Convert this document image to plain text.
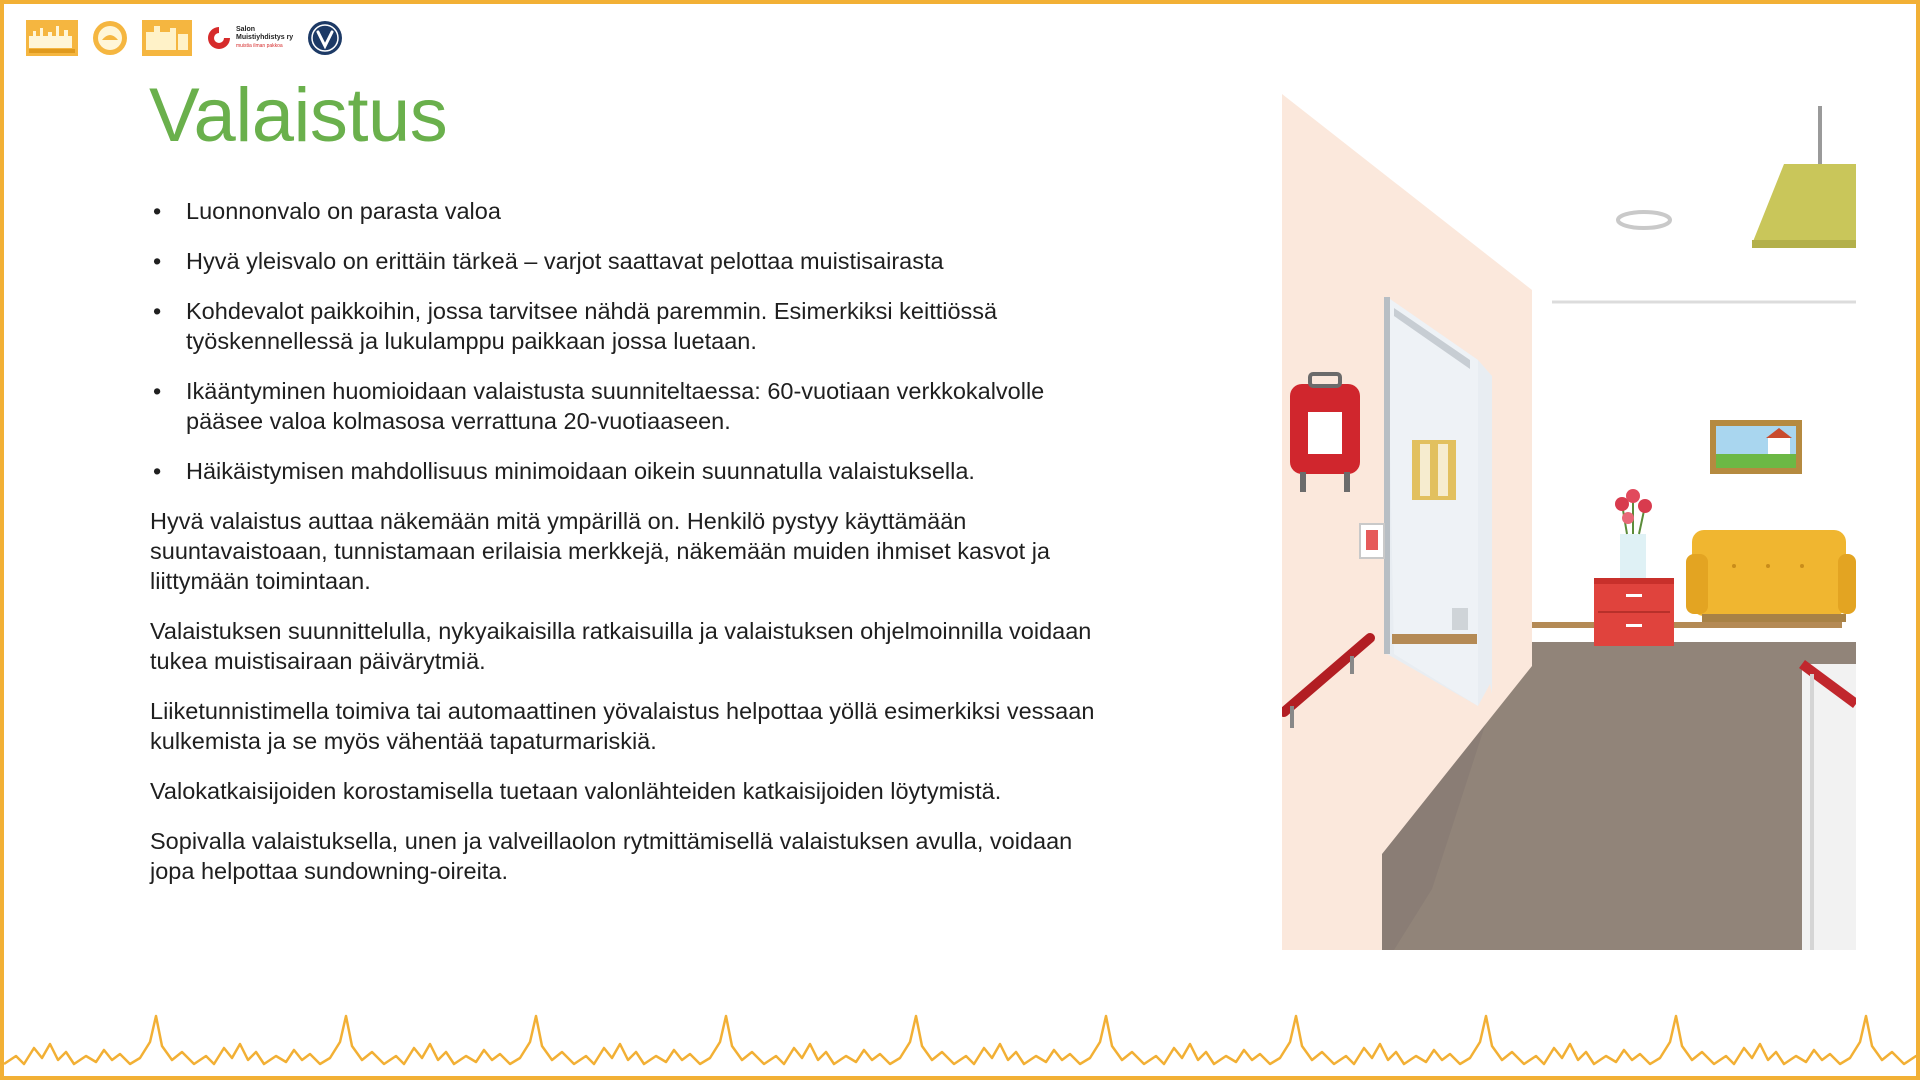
Salon
Muistiyhdistys ry
muistia ilman pakkoa
Valaistus
• Luonnonvalo on parasta valoa
• Hyvä yleisvalo on erittäin tärkeä – varjot saattavat pelottaa muistisairasta
• Kohdevalot paikkoihin, jossa tarvitsee nähdä paremmin. Esimerkiksi keittiössä työskennellessä ja lukulamppu paikkaan jossa luetaan.
• Ikääntyminen huomioidaan valaistusta suunniteltaessa: 60-vuotiaan verkkokalvolle pääsee valoa kolmasosa verrattuna 20-vuotiaaseen.
• Häikäistymisen mahdollisuus minimoidaan oikein suunnatulla valaistuksella.

Hyvä valaistus auttaa näkemään mitä ympärillä on. Henkilö pystyy käyttämään suuntavaistoaan, tunnistamaan erilaisia merkkejä, näkemään muiden ihmiset kasvot ja liittymään toimintaan.

Valaistuksen suunnittelulla, nykyaikaisilla ratkaisuilla ja valaistuksen ohjelmoinnilla voidaan tukea muistisairaan päivärytmiä.

Liiketunnistimella toimiva tai automaattinen yövalaistus helpottaa yöllä esimerkiksi vessaan kulkemista ja se myös vähentää tapaturmariskiä.

Valokatkaisijoiden korostamisella tuetaan valonlähteiden katkaisijoiden löytymistä.

Sopivalla valaistuksella, unen ja valveillaolon rytmittämisellä valaistuksen avulla, voidaan jopa helpottaa sundowning-oireita.
